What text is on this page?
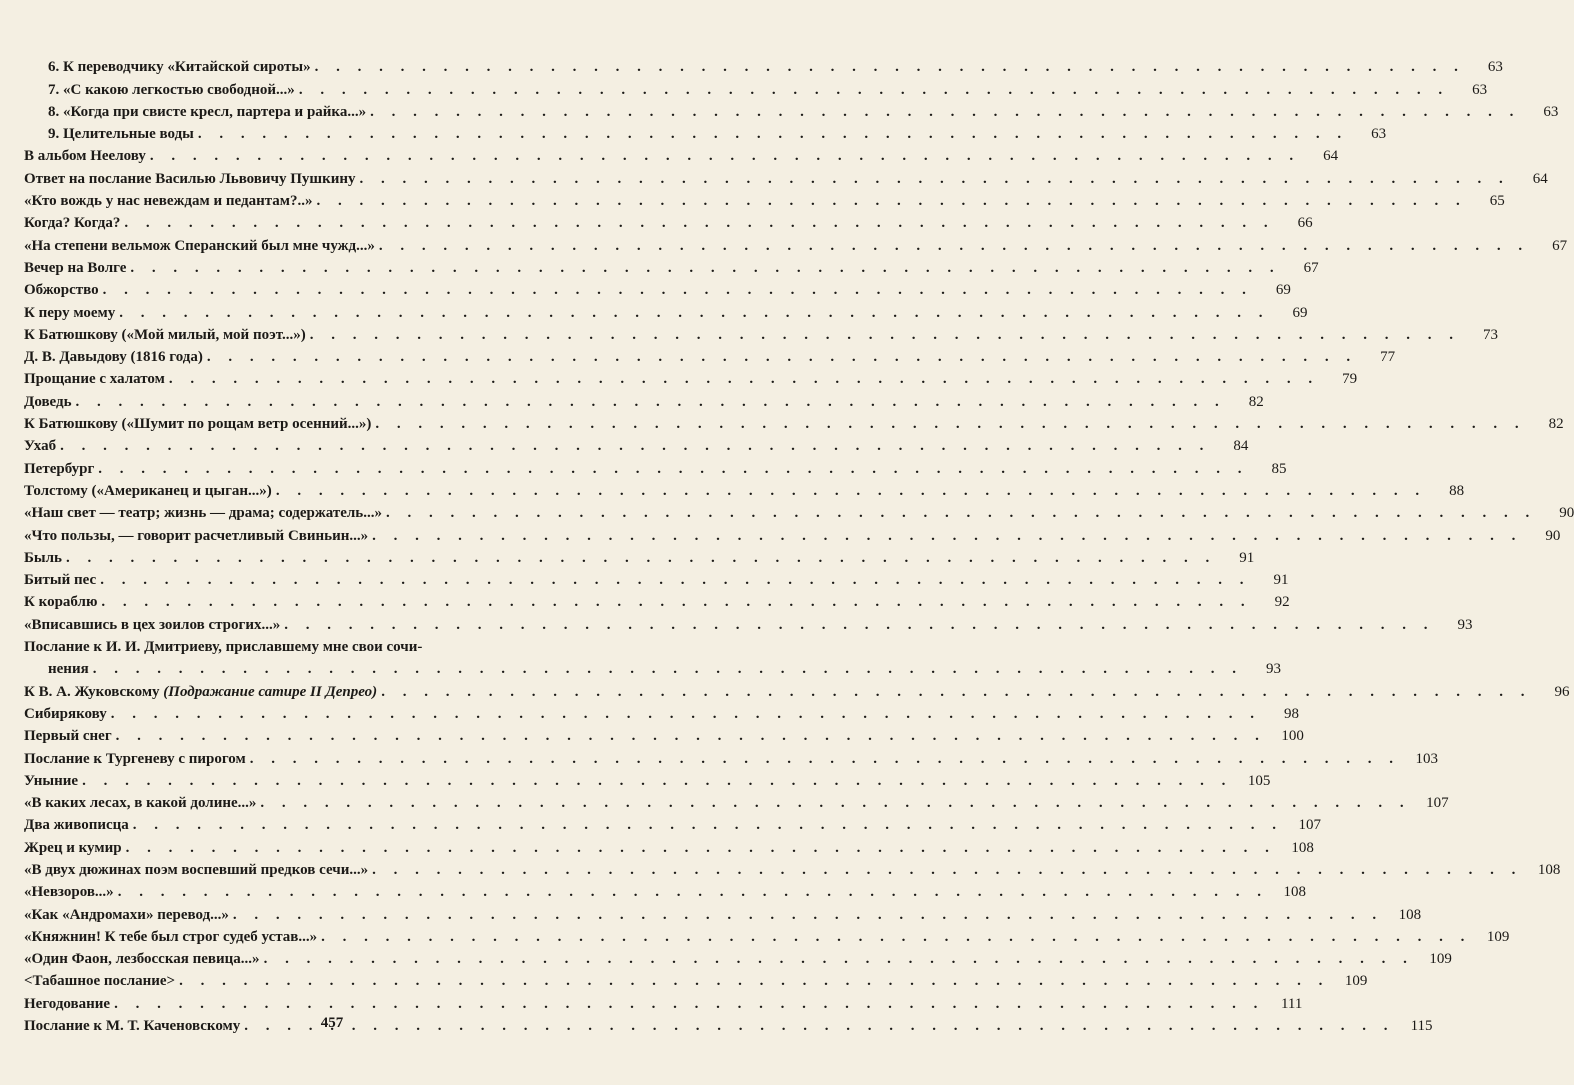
6. К переводчику «Китайской сироты» . . .	63
7. «С какою легкостью свободной...» . . .	63
8. «Когда при свисте кресл, партера и райка...» . . .	63
9. Целительные воды . . .	63
В альбом Неелову . . .	64
Ответ на послание Василью Львовичу Пушкину . . .	64
«Кто вождь у нас невеждам и педантам?..» . . .	65
Когда? Когда? . . .	66
«На степени вельмож Сперанский был мне чужд...» . . .	67
Вечер на Волге . . .	67
Обжорство . . .	69
К перу моему . . .	69
К Батюшкову («Мой милый, мой поэт...») . . .	73
Д. В. Давыдову (1816 года) . . .	77
Прощание с халатом . . .	79
Доведь . . .	82
К Батюшкову («Шумит по рощам ветр осенний...») . . .	82
Ухаб . . .	84
Петербург . . .	85
Толстому («Американец и цыган...») . . .	88
«Наш свет — театр; жизнь — драма; содержатель...» . . .	90
«Что пользы, — говорит расчетливый Свиньин...» . . .	90
Быль . . .	91
Битый пес . . .	91
К кораблю . . .	92
«Вписавшись в цех зоилов строгих...» . . .	93
Послание к И. И. Дмитриеву, приславшему мне свои сочи-
нения . . .	93
К В. А. Жуковскому (Подражание сатире II Депрео) . . .	96
Сибирякову . . .	98
Первый снег . . .	100
Послание к Тургеневу с пирогом . . .	103
Уныние . . .	105
«В каких лесах, в какой долине...» . . .	107
Два живописца . . .	107
Жрец и кумир . . .	108
«В двух дюжинах поэм воспевший предков сечи...» . . .	108
«Невзоров...» . . .	108
«Как «Андромахи» перевод...» . . .	108
«Княжнин! К тебе был строг судеб устав...» . . .	109
«Один Фаон, лезбосская певица...» . . .	109
<Табашное послание> . . .	109
Негодование . . .	111
Послание к М. Т. Каченовскому . . .	115
457
